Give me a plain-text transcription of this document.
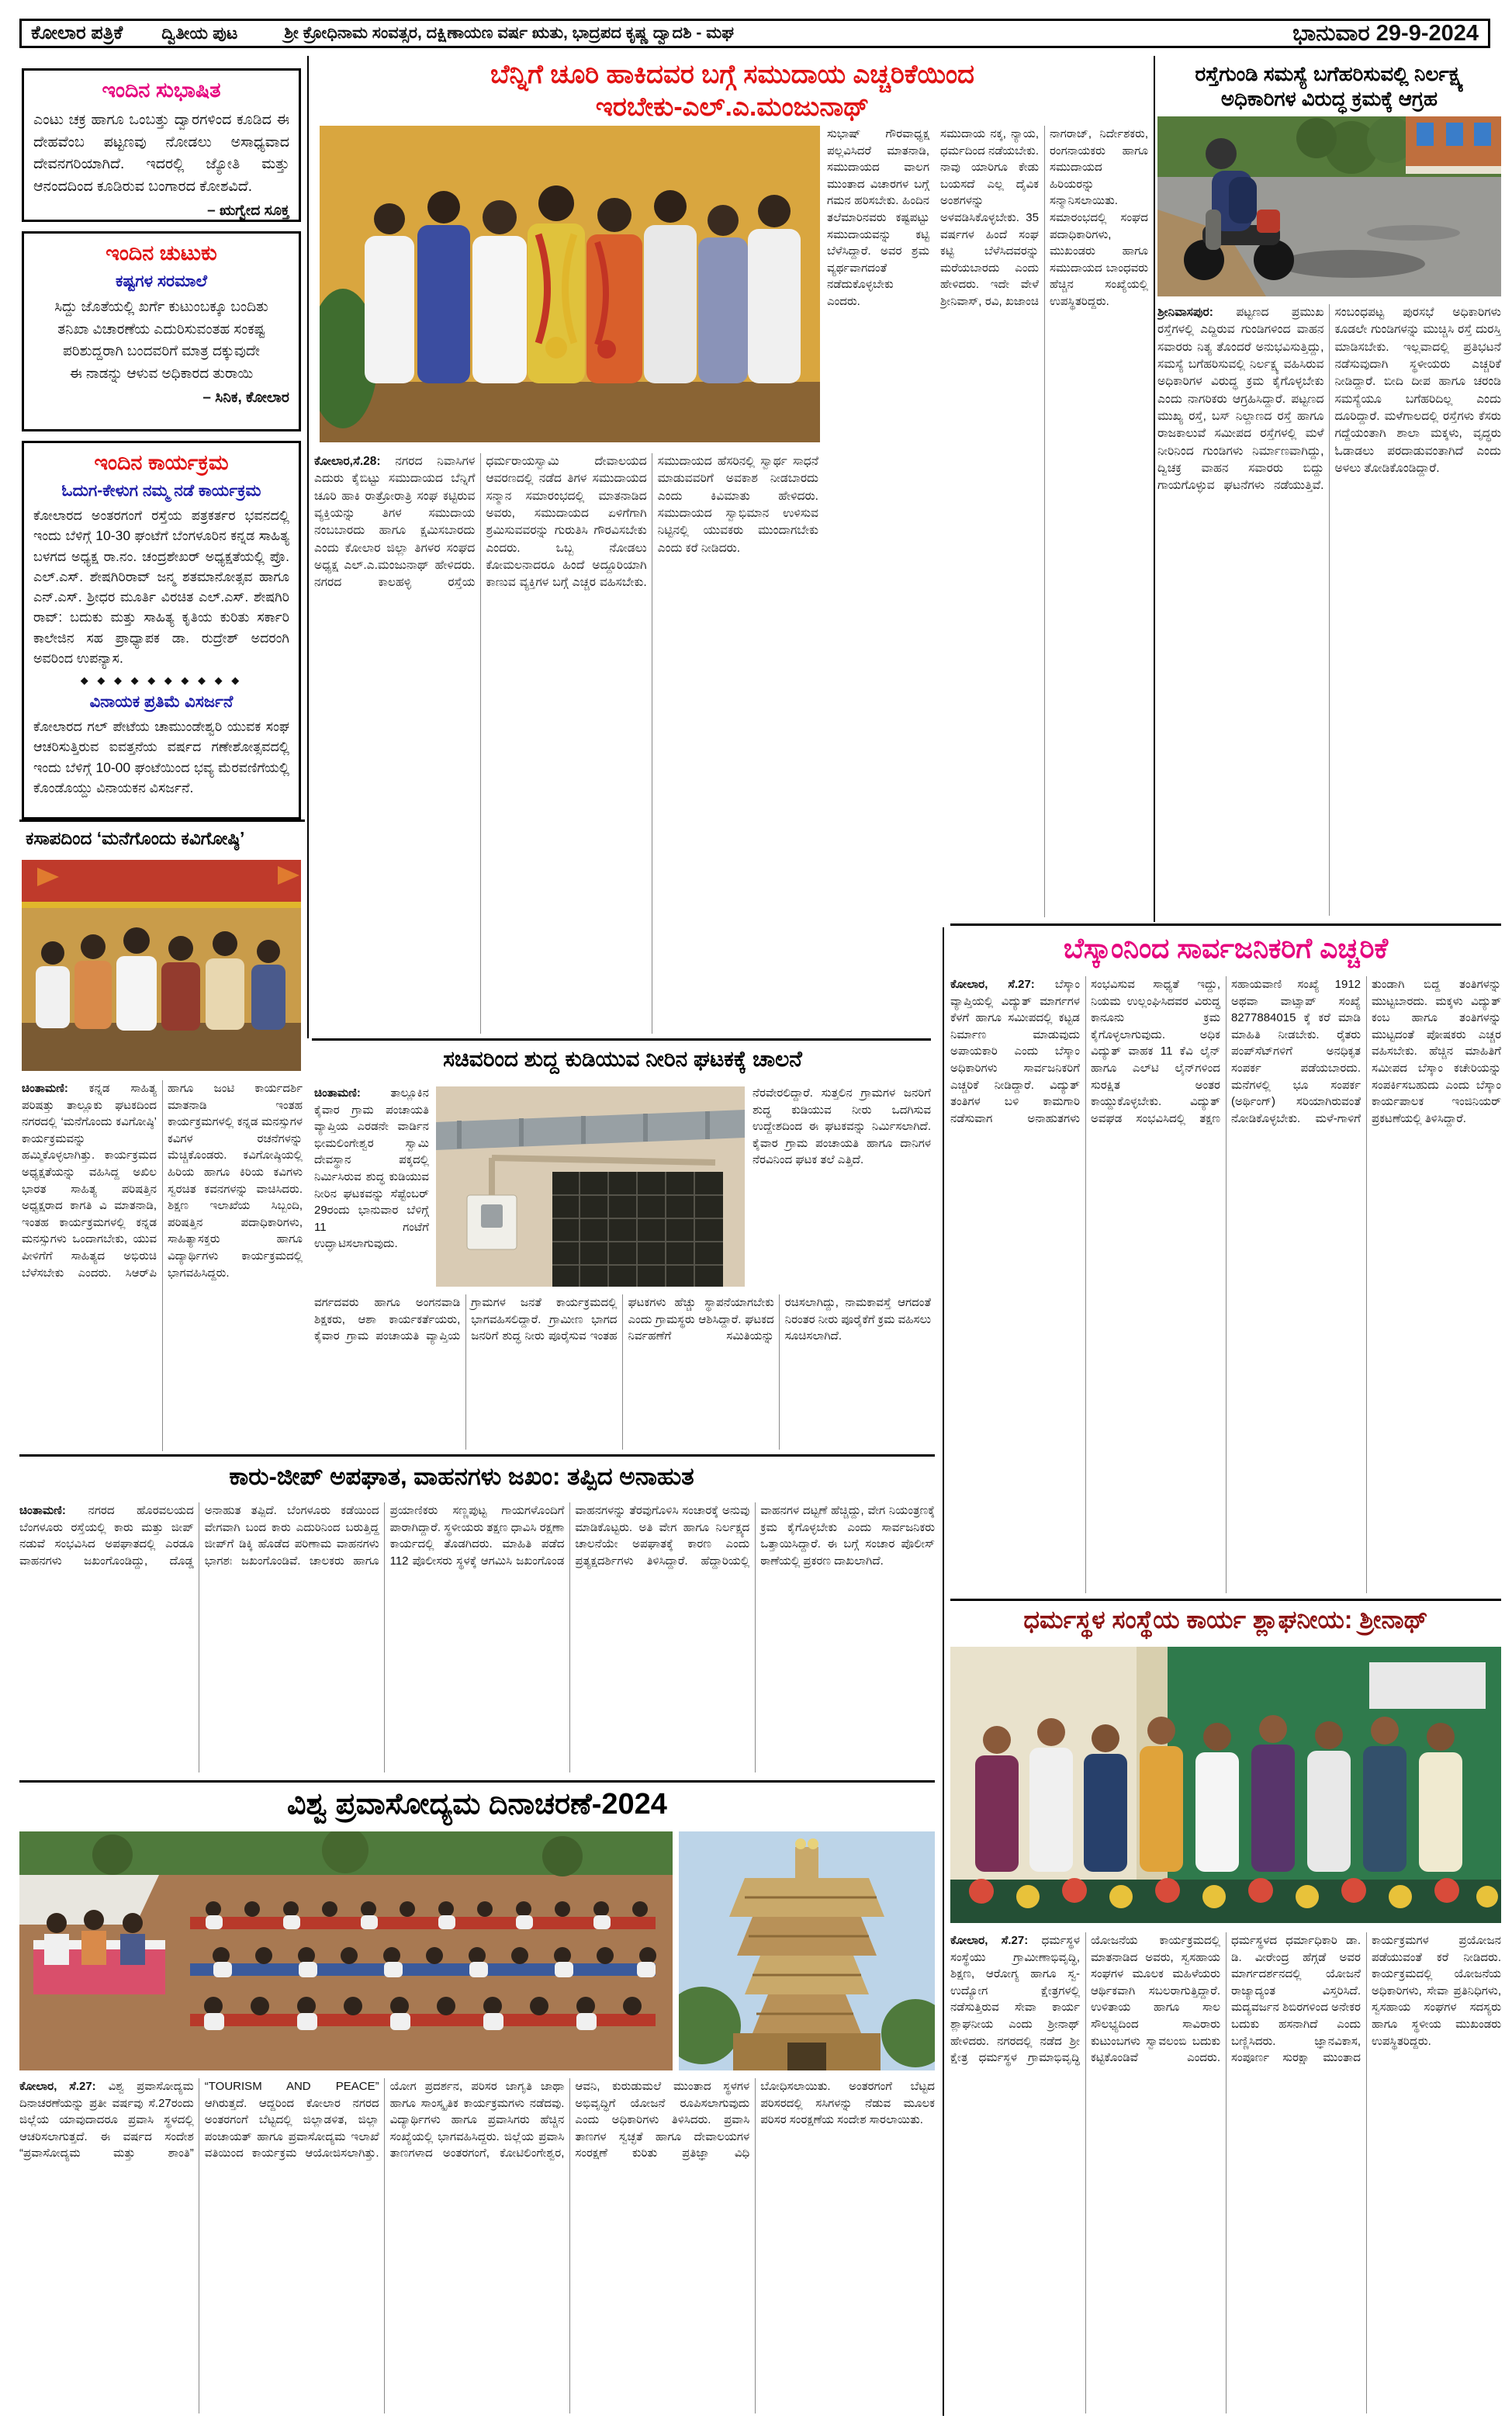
ಕೋಲಾರ ಪತ್ರಿಕೆ ದ್ವಿತೀಯ ಪುಟ	ಶ್ರೀ ಕ್ರೋಧಿನಾಮ ಸಂವತ್ಸರ, ದಕ್ಷಿಣಾಯಣ ವರ್ಷ ಋತು, ಭಾದ್ರಪದ ಕೃಷ್ಣ ದ್ವಾದಶಿ - ಮಘ	ಭಾನುವಾರ 29-9-2024
ಇಂದಿನ ಸುಭಾಷಿತ
ಎಂಟು ಚಕ್ರ ಹಾಗೂ ಒಂಬತ್ತು ದ್ವಾರಗಳಿಂದ ಕೂಡಿದ ಈ ದೇಹವೆಂಬ ಪಟ್ಟಣವು ನೋಡಲು ಅಸಾಧ್ಯವಾದ ದೇವನಗರಿಯಾಗಿದೆ. ಇದರಲ್ಲಿ ಜ್ಯೋತಿ ಮತ್ತು ಆನಂದದಿಂದ ಕೂಡಿರುವ ಬಂಗಾರದ ಕೋಶವಿದೆ.
– ಋಗ್ವೇದ ಸೂಕ್ತ
ಇಂದಿನ ಚುಟುಕು
ಕಷ್ಟಗಳ ಸರಮಾಲೆ
ಸಿದ್ದು ಜೊತೆಯಲ್ಲಿ ಖರ್ಗೆ ಕುಟುಂಬಕ್ಕೂ ಬಂದಿತು
ತನಿಖಾ ವಿಚಾರಣೆಯ ಎದುರಿಸುವಂತಹ ಸಂಕಷ್ಟ
ಪರಿಶುದ್ದರಾಗಿ ಬಂದವರಿಗೆ ಮಾತ್ರ ದಕ್ಕುವುದೇ
ಈ ನಾಡನ್ನು ಆಳುವ ಅಧಿಕಾರದ ತುರಾಯಿ
– ಸಿನಿಕ, ಕೋಲಾರ
ಇಂದಿನ ಕಾರ್ಯಕ್ರಮ
ಓದುಗ-ಕೇಳುಗ ನಮ್ಮ ನಡೆ ಕಾರ್ಯಕ್ರಮ
ಕೋಲಾರದ ಅಂತರಗಂಗೆ ರಸ್ತೆಯ ಪತ್ರಕರ್ತರ ಭವನದಲ್ಲಿ ಇಂದು ಬೆಳಿಗ್ಗೆ 10-30 ಘಂಟೆಗೆ ಬೆಂಗಳೂರಿನ ಕನ್ನಡ ಸಾಹಿತ್ಯ ಬಳಗದ ಅಧ್ಯಕ್ಷ ರಾ.ನಂ. ಚಂದ್ರಶೇಖರ್ ಅಧ್ಯಕ್ಷತೆಯಲ್ಲಿ ಪ್ರೊ. ಎಲ್.ಎಸ್. ಶೇಷಗಿರಿರಾವ್ ಜನ್ಮ ಶತಮಾನೋತ್ಸವ ಹಾಗೂ ಎನ್.ಎಸ್. ಶ್ರೀಧರ ಮೂರ್ತಿ ವಿರಚಿತ ಎಲ್.ಎಸ್. ಶೇಷಗಿರಿ ರಾವ್: ಬದುಕು ಮತ್ತು ಸಾಹಿತ್ಯ ಕೃತಿಯ ಕುರಿತು ಸರ್ಕಾರಿ ಕಾಲೇಜಿನ ಸಹ ಪ್ರಾಧ್ಯಾಪಕ ಡಾ. ರುದ್ರೇಶ್ ಅದರಂಗಿ ಅವರಿಂದ ಉಪನ್ಯಾಸ.
◆ ◆ ◆ ◆ ◆ ◆ ◆ ◆ ◆ ◆
ವಿನಾಯಕ ಪ್ರತಿಮೆ ವಿಸರ್ಜನೆ
ಕೋಲಾರದ ಗಲ್ ಪೇಟೆಯ ಚಾಮುಂಡೇಶ್ವರಿ ಯುವಕ ಸಂಘ ಆಚರಿಸುತ್ತಿರುವ ಐವತ್ತನೆಯ ವರ್ಷದ ಗಣೇಶೋತ್ಸವದಲ್ಲಿ ಇಂದು ಬೆಳಿಗ್ಗೆ 10-00 ಘಂಟೆಯಿಂದ ಭವ್ಯ ಮೆರವಣಿಗೆಯಲ್ಲಿ ಕೊಂಡೊಯ್ದು ವಿನಾಯಕನ ವಿಸರ್ಜನೆ.
ಬೆನ್ನಿಗೆ ಚೂರಿ ಹಾಕಿದವರ ಬಗ್ಗೆ ಸಮುದಾಯ ಎಚ್ಚರಿಕೆಯಿಂದ
ಇರಬೇಕು-ಎಲ್.ಎ.ಮಂಜುನಾಥ್
ಕೋಲಾರ,ಸೆ.28: ನಗರದ ನಿವಾಸಿಗಳ ಎದುರು ಕೈಬಿಟ್ಟು ಸಮುದಾಯದ ಬೆನ್ನಿಗೆ ಚೂರಿ ಹಾಕಿ ರಾತ್ರೋರಾತ್ರಿ ಸಂಘ ಕಟ್ಟಿರುವ ವ್ಯಕ್ತಿಯನ್ನು ತಿಗಳ ಸಮುದಾಯ ನಂಬಬಾರದು ಹಾಗೂ ಕ್ಷಮಿಸಬಾರದು ಎಂದು ಕೋಲಾರ ಜಿಲ್ಲಾ ತಿಗಳರ ಸಂಘದ ಅಧ್ಯಕ್ಷ ಎಲ್.ಎ.ಮಂಜುನಾಥ್ ಹೇಳಿದರು. ನಗರದ ಕಾಲಹಳ್ಳಿ ರಸ್ತೆಯ ಧರ್ಮರಾಯಸ್ವಾಮಿ ದೇವಾಲಯದ ಆವರಣದಲ್ಲಿ ನಡೆದ ತಿಗಳ ಸಮುದಾಯದ ಸನ್ಮಾನ ಸಮಾರಂಭದಲ್ಲಿ ಮಾತನಾಡಿದ ಅವರು, ಸಮುದಾಯದ ಏಳಿಗೆಗಾಗಿ ಶ್ರಮಿಸುವವರನ್ನು ಗುರುತಿಸಿ ಗೌರವಿಸಬೇಕು ಎಂದರು. ಒಬ್ಬ ನೋಡಲು ಕೋಮಲನಾದರೂ ಹಿಂದೆ ಅದ್ದೂರಿಯಾಗಿ ಕಾಣುವ ವ್ಯಕ್ತಿಗಳ ಬಗ್ಗೆ ಎಚ್ಚರ ವಹಿಸಬೇಕು. ಸಮುದಾಯದ ಹೆಸರಿನಲ್ಲಿ ಸ್ವಾರ್ಥ ಸಾಧನೆ ಮಾಡುವವರಿಗೆ ಅವಕಾಶ ನೀಡಬಾರದು ಎಂದು ಕಿವಿಮಾತು ಹೇಳಿದರು. ಸಮುದಾಯದ ಸ್ವಾಭಿಮಾನ ಉಳಿಸುವ ನಿಟ್ಟಿನಲ್ಲಿ ಯುವಕರು ಮುಂದಾಗಬೇಕು ಎಂದು ಕರೆ ನೀಡಿದರು.
ಸುಭಾಷ್ ಗೌರವಾಧ್ಯಕ್ಷ ಪಲ್ಲವಿಸಿದರೆ ಮಾತನಾಡಿ, ಸಮುದಾಯದ ವಾಲಗ ಮುಂತಾದ ವಿಚಾರಗಳ ಬಗ್ಗೆ ಗಮನ ಹರಿಸಬೇಕು. ಹಿಂದಿನ ತಲೆಮಾರಿನವರು ಕಷ್ಟಪಟ್ಟು ಸಮುದಾಯವನ್ನು ಕಟ್ಟಿ ಬೆಳೆಸಿದ್ದಾರೆ. ಅವರ ಶ್ರಮ ವ್ಯರ್ಥವಾಗದಂತೆ ನಡೆದುಕೊಳ್ಳಬೇಕು ಎಂದರು.
ಸಮುದಾಯ ನಕ್ಕ, ನ್ಯಾಯ, ಧರ್ಮದಿಂದ ನಡೆಯಬೇಕು. ನಾವು ಯಾರಿಗೂ ಕೇಡು ಬಯಸದೆ ಎಲ್ಲ ದೈವಿಕ ಅಂಶಗಳನ್ನು ಅಳವಡಿಸಿಕೊಳ್ಳಬೇಕು. 35 ವರ್ಷಗಳ ಹಿಂದೆ ಸಂಘ ಕಟ್ಟಿ ಬೆಳೆಸಿದವರನ್ನು ಮರೆಯಬಾರದು ಎಂದು ಹೇಳಿದರು. ಇದೇ ವೇಳೆ ಶ್ರೀನಿವಾಸ್, ರವಿ, ಖಜಾಂಚಿ ನಾಗರಾಜ್, ನಿರ್ದೇಶಕರು, ರಂಗನಾಯಕರು ಹಾಗೂ ಸಮುದಾಯದ ಹಿರಿಯರನ್ನು ಸನ್ಮಾನಿಸಲಾಯಿತು. ಸಮಾರಂಭದಲ್ಲಿ ಸಂಘದ ಪದಾಧಿಕಾರಿಗಳು, ಮುಖಂಡರು ಹಾಗೂ ಸಮುದಾಯದ ಬಾಂಧವರು ಹೆಚ್ಚಿನ ಸಂಖ್ಯೆಯಲ್ಲಿ ಉಪಸ್ಥಿತರಿದ್ದರು.
ರಸ್ತೆಗುಂಡಿ ಸಮಸ್ಯೆ ಬಗೆಹರಿಸುವಲ್ಲಿ ನಿರ್ಲಕ್ಷ್ಯ
ಅಧಿಕಾರಿಗಳ ವಿರುದ್ಧ ಕ್ರಮಕ್ಕೆ ಆಗ್ರಹ
ಶ್ರೀನಿವಾಸಪುರ: ಪಟ್ಟಣದ ಪ್ರಮುಖ ರಸ್ತೆಗಳಲ್ಲಿ ಎದ್ದಿರುವ ಗುಂಡಿಗಳಿಂದ ವಾಹನ ಸವಾರರು ನಿತ್ಯ ತೊಂದರೆ ಅನುಭವಿಸುತ್ತಿದ್ದು, ಸಮಸ್ಯೆ ಬಗೆಹರಿಸುವಲ್ಲಿ ನಿರ್ಲಕ್ಷ್ಯ ವಹಿಸಿರುವ ಅಧಿಕಾರಿಗಳ ವಿರುದ್ಧ ಕ್ರಮ ಕೈಗೊಳ್ಳಬೇಕು ಎಂದು ನಾಗರಿಕರು ಆಗ್ರಹಿಸಿದ್ದಾರೆ. ಪಟ್ಟಣದ ಮುಖ್ಯ ರಸ್ತೆ, ಬಸ್ ನಿಲ್ದಾಣದ ರಸ್ತೆ ಹಾಗೂ ರಾಜಕಾಲುವೆ ಸಮೀಪದ ರಸ್ತೆಗಳಲ್ಲಿ ಮಳೆ ನೀರಿನಿಂದ ಗುಂಡಿಗಳು ನಿರ್ಮಾಣವಾಗಿದ್ದು, ದ್ವಿಚಕ್ರ ವಾಹನ ಸವಾರರು ಬಿದ್ದು ಗಾಯಗೊಳ್ಳುವ ಘಟನೆಗಳು ನಡೆಯುತ್ತಿವೆ. ಸಂಬಂಧಪಟ್ಟ ಪುರಸಭೆ ಅಧಿಕಾರಿಗಳು ಕೂಡಲೇ ಗುಂಡಿಗಳನ್ನು ಮುಚ್ಚಿಸಿ ರಸ್ತೆ ದುರಸ್ತಿ ಮಾಡಿಸಬೇಕು. ಇಲ್ಲವಾದಲ್ಲಿ ಪ್ರತಿಭಟನೆ ನಡೆಸುವುದಾಗಿ ಸ್ಥಳೀಯರು ಎಚ್ಚರಿಕೆ ನೀಡಿದ್ದಾರೆ. ಬೀದಿ ದೀಪ ಹಾಗೂ ಚರಂಡಿ ಸಮಸ್ಯೆಯೂ ಬಗೆಹರಿದಿಲ್ಲ ಎಂದು ದೂರಿದ್ದಾರೆ. ಮಳೆಗಾಲದಲ್ಲಿ ರಸ್ತೆಗಳು ಕೆಸರು ಗದ್ದೆಯಂತಾಗಿ ಶಾಲಾ ಮಕ್ಕಳು, ವೃದ್ಧರು ಓಡಾಡಲು ಪರದಾಡುವಂತಾಗಿದೆ ಎಂದು ಅಳಲು ತೋಡಿಕೊಂಡಿದ್ದಾರೆ.
ಕಸಾಪದಿಂದ ‘ಮನೆಗೊಂದು ಕವಿಗೋಷ್ಠಿ’
ಚಿಂತಾಮಣಿ: ಕನ್ನಡ ಸಾಹಿತ್ಯ ಪರಿಷತ್ತು ತಾಲ್ಲೂಕು ಘಟಕದಿಂದ ನಗರದಲ್ಲಿ ‘ಮನೆಗೊಂದು ಕವಿಗೋಷ್ಠಿ’ ಕಾರ್ಯಕ್ರಮವನ್ನು ಹಮ್ಮಿಕೊಳ್ಳಲಾಗಿತ್ತು. ಕಾರ್ಯಕ್ರಮದ ಅಧ್ಯಕ್ಷತೆಯನ್ನು ವಹಿಸಿದ್ದ ಅಖಿಲ ಭಾರತ ಸಾಹಿತ್ಯ ಪರಿಷತ್ತಿನ ಅಧ್ಯಕ್ಷರಾದ ಕಾಗತಿ ವಿ ಮಾತನಾಡಿ, ಇಂತಹ ಕಾರ್ಯಕ್ರಮಗಳಲ್ಲಿ ಕನ್ನಡ ಮನಸ್ಸುಗಳು ಒಂದಾಗಬೇಕು, ಯುವ ಪೀಳಿಗೆಗೆ ಸಾಹಿತ್ಯದ ಅಭಿರುಚಿ ಬೆಳೆಸಬೇಕು ಎಂದರು. ಸಿಆರ್‌ಪಿ ಹಾಗೂ ಜಂಟಿ ಕಾರ್ಯದರ್ಶಿ ಮಾತನಾಡಿ ಇಂತಹ ಕಾರ್ಯಕ್ರಮಗಳಲ್ಲಿ ಕನ್ನಡ ಮನಸ್ಸುಗಳ ಕವಿಗಳ ರಚನೆಗಳನ್ನು ಮೆಚ್ಚಿಕೊಂಡರು. ಕವಿಗೋಷ್ಠಿಯಲ್ಲಿ ಹಿರಿಯ ಹಾಗೂ ಕಿರಿಯ ಕವಿಗಳು ಸ್ವರಚಿತ ಕವನಗಳನ್ನು ವಾಚಿಸಿದರು. ಶಿಕ್ಷಣ ಇಲಾಖೆಯ ಸಿಬ್ಬಂದಿ, ಪರಿಷತ್ತಿನ ಪದಾಧಿಕಾರಿಗಳು, ಸಾಹಿತ್ಯಾಸಕ್ತರು ಹಾಗೂ ವಿದ್ಯಾರ್ಥಿಗಳು ಕಾರ್ಯಕ್ರಮದಲ್ಲಿ ಭಾಗವಹಿಸಿದ್ದರು.
ಸಚಿವರಿಂದ ಶುದ್ದ ಕುಡಿಯುವ ನೀರಿನ ಘಟಕಕ್ಕೆ ಚಾಲನೆ
ಚಿಂತಾಮಣಿ: ತಾಲ್ಲೂಕಿನ ಕೈವಾರ ಗ್ರಾಮ ಪಂಚಾಯತಿ ವ್ಯಾಪ್ತಿಯ ಎರಡನೇ ವಾರ್ಡಿನ ಭೀಮಲಿಂಗೇಶ್ವರ ಸ್ವಾಮಿ ದೇವಸ್ಥಾನ ಪಕ್ಕದಲ್ಲಿ ನಿರ್ಮಿಸಿರುವ ಶುದ್ಧ ಕುಡಿಯುವ ನೀರಿನ ಘಟಕವನ್ನು ಸೆಪ್ಟೆಂಬರ್ 29ರಂದು ಭಾನುವಾರ ಬೆಳಿಗ್ಗೆ 11 ಗಂಟೆಗೆ ಉದ್ಘಾಟಿಸಲಾಗುವುದು.
ನೆರವೇರಲಿದ್ದಾರೆ. ಸುತ್ತಲಿನ ಗ್ರಾಮಗಳ ಜನರಿಗೆ ಶುದ್ಧ ಕುಡಿಯುವ ನೀರು ಒದಗಿಸುವ ಉದ್ದೇಶದಿಂದ ಈ ಘಟಕವನ್ನು ನಿರ್ಮಿಸಲಾಗಿದೆ. ಕೈವಾರ ಗ್ರಾಮ ಪಂಚಾಯತಿ ಹಾಗೂ ದಾನಿಗಳ ನೆರವಿನಿಂದ ಘಟಕ ತಲೆ ಎತ್ತಿದೆ.
ವರ್ಗದವರು ಹಾಗೂ ಅಂಗನವಾಡಿ ಶಿಕ್ಷಕರು, ಆಶಾ ಕಾರ್ಯಕರ್ತೆಯರು, ಕೈವಾರ ಗ್ರಾಮ ಪಂಚಾಯತಿ ವ್ಯಾಪ್ತಿಯ ಗ್ರಾಮಗಳ ಜನತೆ ಕಾರ್ಯಕ್ರಮದಲ್ಲಿ ಭಾಗವಹಿಸಲಿದ್ದಾರೆ. ಗ್ರಾಮೀಣ ಭಾಗದ ಜನರಿಗೆ ಶುದ್ಧ ನೀರು ಪೂರೈಸುವ ಇಂತಹ ಘಟಕಗಳು ಹೆಚ್ಚು ಸ್ಥಾಪನೆಯಾಗಬೇಕು ಎಂದು ಗ್ರಾಮಸ್ಥರು ಆಶಿಸಿದ್ದಾರೆ. ಘಟಕದ ನಿರ್ವಹಣೆಗೆ ಸಮಿತಿಯನ್ನು ರಚಿಸಲಾಗಿದ್ದು, ನಾಮಕಾವಸ್ತೆ ಆಗದಂತೆ ನಿರಂತರ ನೀರು ಪೂರೈಕೆಗೆ ಕ್ರಮ ವಹಿಸಲು ಸೂಚಿಸಲಾಗಿದೆ.
ಬೆಸ್ಕಾಂನಿಂದ ಸಾರ್ವಜನಿಕರಿಗೆ ಎಚ್ಚರಿಕೆ
ಕೋಲಾರ, ಸೆ.27: ಬೆಸ್ಕಾಂ ವ್ಯಾಪ್ತಿಯಲ್ಲಿ ವಿದ್ಯುತ್ ಮಾರ್ಗಗಳ ಕೆಳಗೆ ಹಾಗೂ ಸಮೀಪದಲ್ಲಿ ಕಟ್ಟಡ ನಿರ್ಮಾಣ ಮಾಡುವುದು ಅಪಾಯಕಾರಿ ಎಂದು ಬೆಸ್ಕಾಂ ಅಧಿಕಾರಿಗಳು ಸಾರ್ವಜನಿಕರಿಗೆ ಎಚ್ಚರಿಕೆ ನೀಡಿದ್ದಾರೆ. ವಿದ್ಯುತ್ ತಂತಿಗಳ ಬಳಿ ಕಾಮಗಾರಿ ನಡೆಸುವಾಗ ಅನಾಹುತಗಳು ಸಂಭವಿಸುವ ಸಾಧ್ಯತೆ ಇದ್ದು, ನಿಯಮ ಉಲ್ಲಂಘಿಸಿದವರ ವಿರುದ್ಧ ಕಾನೂನು ಕ್ರಮ ಕೈಗೊಳ್ಳಲಾಗುವುದು. ಅಧಿಕ ವಿದ್ಯುತ್ ವಾಹಕ 11 ಕೆವಿ ಲೈನ್ ಹಾಗೂ ಎಲ್‌ಟಿ ಲೈನ್‌ಗಳಿಂದ ಸುರಕ್ಷಿತ ಅಂತರ ಕಾಯ್ದುಕೊಳ್ಳಬೇಕು. ವಿದ್ಯುತ್ ಅವಘಡ ಸಂಭವಿಸಿದಲ್ಲಿ ತಕ್ಷಣ ಸಹಾಯವಾಣಿ ಸಂಖ್ಯೆ 1912 ಅಥವಾ ವಾಟ್ಸಾಪ್ ಸಂಖ್ಯೆ 8277884015 ಕ್ಕೆ ಕರೆ ಮಾಡಿ ಮಾಹಿತಿ ನೀಡಬೇಕು. ರೈತರು ಪಂಪ್‌ಸೆಟ್‌ಗಳಿಗೆ ಅನಧಿಕೃತ ಸಂಪರ್ಕ ಪಡೆಯಬಾರದು. ಮನೆಗಳಲ್ಲಿ ಭೂ ಸಂಪರ್ಕ (ಅರ್ಥಿಂಗ್) ಸರಿಯಾಗಿರುವಂತೆ ನೋಡಿಕೊಳ್ಳಬೇಕು. ಮಳೆ-ಗಾಳಿಗೆ ತುಂಡಾಗಿ ಬಿದ್ದ ತಂತಿಗಳನ್ನು ಮುಟ್ಟಬಾರದು. ಮಕ್ಕಳು ವಿದ್ಯುತ್ ಕಂಬ ಹಾಗೂ ತಂತಿಗಳನ್ನು ಮುಟ್ಟದಂತೆ ಪೋಷಕರು ಎಚ್ಚರ ವಹಿಸಬೇಕು. ಹೆಚ್ಚಿನ ಮಾಹಿತಿಗೆ ಸಮೀಪದ ಬೆಸ್ಕಾಂ ಕಚೇರಿಯನ್ನು ಸಂಪರ್ಕಿಸಬಹುದು ಎಂದು ಬೆಸ್ಕಾಂ ಕಾರ್ಯಪಾಲಕ ಇಂಜಿನಿಯರ್ ಪ್ರಕಟಣೆಯಲ್ಲಿ ತಿಳಿಸಿದ್ದಾರೆ.
ಕಾರು-ಜೀಪ್ ಅಪಘಾತ, ವಾಹನಗಳು ಜಖಂ: ತಪ್ಪಿದ ಅನಾಹುತ
ಚಿಂತಾಮಣಿ: ನಗರದ ಹೊರವಲಯದ ಬೆಂಗಳೂರು ರಸ್ತೆಯಲ್ಲಿ ಕಾರು ಮತ್ತು ಜೀಪ್ ನಡುವೆ ಸಂಭವಿಸಿದ ಅಪಘಾತದಲ್ಲಿ ಎರಡೂ ವಾಹನಗಳು ಜಖಂಗೊಂಡಿದ್ದು, ದೊಡ್ಡ ಅನಾಹುತ ತಪ್ಪಿದೆ. ಬೆಂಗಳೂರು ಕಡೆಯಿಂದ ವೇಗವಾಗಿ ಬಂದ ಕಾರು ಎದುರಿನಿಂದ ಬರುತ್ತಿದ್ದ ಜೀಪ್‌ಗೆ ಡಿಕ್ಕಿ ಹೊಡೆದ ಪರಿಣಾಮ ವಾಹನಗಳು ಭಾಗಶಃ ಜಖಂಗೊಂಡಿವೆ. ಚಾಲಕರು ಹಾಗೂ ಪ್ರಯಾಣಿಕರು ಸಣ್ಣಪುಟ್ಟ ಗಾಯಗಳೊಂದಿಗೆ ಪಾರಾಗಿದ್ದಾರೆ. ಸ್ಥಳೀಯರು ತಕ್ಷಣ ಧಾವಿಸಿ ರಕ್ಷಣಾ ಕಾರ್ಯದಲ್ಲಿ ತೊಡಗಿದರು. ಮಾಹಿತಿ ಪಡೆದ 112 ಪೊಲೀಸರು ಸ್ಥಳಕ್ಕೆ ಆಗಮಿಸಿ ಜಖಂಗೊಂಡ ವಾಹನಗಳನ್ನು ತೆರವುಗೊಳಿಸಿ ಸಂಚಾರಕ್ಕೆ ಅನುವು ಮಾಡಿಕೊಟ್ಟರು. ಅತಿ ವೇಗ ಹಾಗೂ ನಿರ್ಲಕ್ಷ್ಯದ ಚಾಲನೆಯೇ ಅಪಘಾತಕ್ಕೆ ಕಾರಣ ಎಂದು ಪ್ರತ್ಯಕ್ಷದರ್ಶಿಗಳು ತಿಳಿಸಿದ್ದಾರೆ. ಹೆದ್ದಾರಿಯಲ್ಲಿ ವಾಹನಗಳ ದಟ್ಟಣೆ ಹೆಚ್ಚಿದ್ದು, ವೇಗ ನಿಯಂತ್ರಣಕ್ಕೆ ಕ್ರಮ ಕೈಗೊಳ್ಳಬೇಕು ಎಂದು ಸಾರ್ವಜನಿಕರು ಒತ್ತಾಯಿಸಿದ್ದಾರೆ. ಈ ಬಗ್ಗೆ ಸಂಚಾರ ಪೊಲೀಸ್ ಠಾಣೆಯಲ್ಲಿ ಪ್ರಕರಣ ದಾಖಲಾಗಿದೆ.
ಧರ್ಮಸ್ಥಳ ಸಂಸ್ಥೆಯ ಕಾರ್ಯ ಶ್ಲಾಘನೀಯ: ಶ್ರೀನಾಥ್
ಕೋಲಾರ, ಸೆ.27: ಧರ್ಮಸ್ಥಳ ಸಂಸ್ಥೆಯು ಗ್ರಾಮೀಣಾಭಿವೃದ್ಧಿ, ಶಿಕ್ಷಣ, ಆರೋಗ್ಯ ಹಾಗೂ ಸ್ವ-ಉದ್ಯೋಗ ಕ್ಷೇತ್ರಗಳಲ್ಲಿ ನಡೆಸುತ್ತಿರುವ ಸೇವಾ ಕಾರ್ಯ ಶ್ಲಾಘನೀಯ ಎಂದು ಶ್ರೀನಾಥ್ ಹೇಳಿದರು. ನಗರದಲ್ಲಿ ನಡೆದ ಶ್ರೀ ಕ್ಷೇತ್ರ ಧರ್ಮಸ್ಥಳ ಗ್ರಾಮಾಭಿವೃದ್ಧಿ ಯೋಜನೆಯ ಕಾರ್ಯಕ್ರಮದಲ್ಲಿ ಮಾತನಾಡಿದ ಅವರು, ಸ್ವಸಹಾಯ ಸಂಘಗಳ ಮೂಲಕ ಮಹಿಳೆಯರು ಆರ್ಥಿಕವಾಗಿ ಸಬಲರಾಗುತ್ತಿದ್ದಾರೆ. ಉಳಿತಾಯ ಹಾಗೂ ಸಾಲ ಸೌಲಭ್ಯದಿಂದ ಸಾವಿರಾರು ಕುಟುಂಬಗಳು ಸ್ವಾವಲಂಬಿ ಬದುಕು ಕಟ್ಟಿಕೊಂಡಿವೆ ಎಂದರು. ಧರ್ಮಸ್ಥಳದ ಧರ್ಮಾಧಿಕಾರಿ ಡಾ. ಡಿ. ವೀರೇಂದ್ರ ಹೆಗ್ಗಡೆ ಅವರ ಮಾರ್ಗದರ್ಶನದಲ್ಲಿ ಯೋಜನೆ ರಾಜ್ಯಾದ್ಯಂತ ವಿಸ್ತರಿಸಿದೆ. ಮದ್ಯವರ್ಜನ ಶಿಬಿರಗಳಿಂದ ಅನೇಕರ ಬದುಕು ಹಸನಾಗಿದೆ ಎಂದು ಬಣ್ಣಿಸಿದರು. ಜ್ಞಾನವಿಕಾಸ, ಸಂಪೂರ್ಣ ಸುರಕ್ಷಾ ಮುಂತಾದ ಕಾರ್ಯಕ್ರಮಗಳ ಪ್ರಯೋಜನ ಪಡೆಯುವಂತೆ ಕರೆ ನೀಡಿದರು. ಕಾರ್ಯಕ್ರಮದಲ್ಲಿ ಯೋಜನೆಯ ಅಧಿಕಾರಿಗಳು, ಸೇವಾ ಪ್ರತಿನಿಧಿಗಳು, ಸ್ವಸಹಾಯ ಸಂಘಗಳ ಸದಸ್ಯರು ಹಾಗೂ ಸ್ಥಳೀಯ ಮುಖಂಡರು ಉಪಸ್ಥಿತರಿದ್ದರು.
ವಿಶ್ವ ಪ್ರವಾಸೋದ್ಯಮ ದಿನಾಚರಣೆ-2024
ಕೋಲಾರ, ಸೆ.27: ವಿಶ್ವ ಪ್ರವಾಸೋದ್ಯಮ ದಿನಾಚರಣೆಯನ್ನು ಪ್ರತೀ ವರ್ಷವು ಸೆ.27ರಂದು ಜಿಲ್ಲೆಯ ಯಾವುದಾದರೂ ಪ್ರವಾಸಿ ಸ್ಥಳದಲ್ಲಿ ಆಚರಿಸಲಾಗುತ್ತದೆ. ಈ ವರ್ಷದ ಸಂದೇಶ “ಪ್ರವಾಸೋದ್ಯಮ ಮತ್ತು ಶಾಂತಿ” “TOURISM AND PEACE” ಆಗಿರುತ್ತದೆ. ಆದ್ದರಿಂದ ಕೋಲಾರ ನಗರದ ಅಂತರಗಂಗೆ ಬೆಟ್ಟದಲ್ಲಿ ಜಿಲ್ಲಾಡಳಿತ, ಜಿಲ್ಲಾ ಪಂಚಾಯತ್ ಹಾಗೂ ಪ್ರವಾಸೋದ್ಯಮ ಇಲಾಖೆ ವತಿಯಿಂದ ಕಾರ್ಯಕ್ರಮ ಆಯೋಜಿಸಲಾಗಿತ್ತು. ಯೋಗ ಪ್ರದರ್ಶನ, ಪರಿಸರ ಜಾಗೃತಿ ಜಾಥಾ ಹಾಗೂ ಸಾಂಸ್ಕೃತಿಕ ಕಾರ್ಯಕ್ರಮಗಳು ನಡೆದವು. ವಿದ್ಯಾರ್ಥಿಗಳು ಹಾಗೂ ಪ್ರವಾಸಿಗರು ಹೆಚ್ಚಿನ ಸಂಖ್ಯೆಯಲ್ಲಿ ಭಾಗವಹಿಸಿದ್ದರು. ಜಿಲ್ಲೆಯ ಪ್ರವಾಸಿ ತಾಣಗಳಾದ ಅಂತರಗಂಗೆ, ಕೋಟಿಲಿಂಗೇಶ್ವರ, ಆವನಿ, ಕುರುಡುಮಲೆ ಮುಂತಾದ ಸ್ಥಳಗಳ ಅಭಿವೃದ್ಧಿಗೆ ಯೋಜನೆ ರೂಪಿಸಲಾಗುವುದು ಎಂದು ಅಧಿಕಾರಿಗಳು ತಿಳಿಸಿದರು. ಪ್ರವಾಸಿ ತಾಣಗಳ ಸ್ವಚ್ಛತೆ ಹಾಗೂ ದೇವಾಲಯಗಳ ಸಂರಕ್ಷಣೆ ಕುರಿತು ಪ್ರತಿಜ್ಞಾ ವಿಧಿ ಬೋಧಿಸಲಾಯಿತು. ಅಂತರಗಂಗೆ ಬೆಟ್ಟದ ಪರಿಸರದಲ್ಲಿ ಸಸಿಗಳನ್ನು ನೆಡುವ ಮೂಲಕ ಪರಿಸರ ಸಂರಕ್ಷಣೆಯ ಸಂದೇಶ ಸಾರಲಾಯಿತು.
